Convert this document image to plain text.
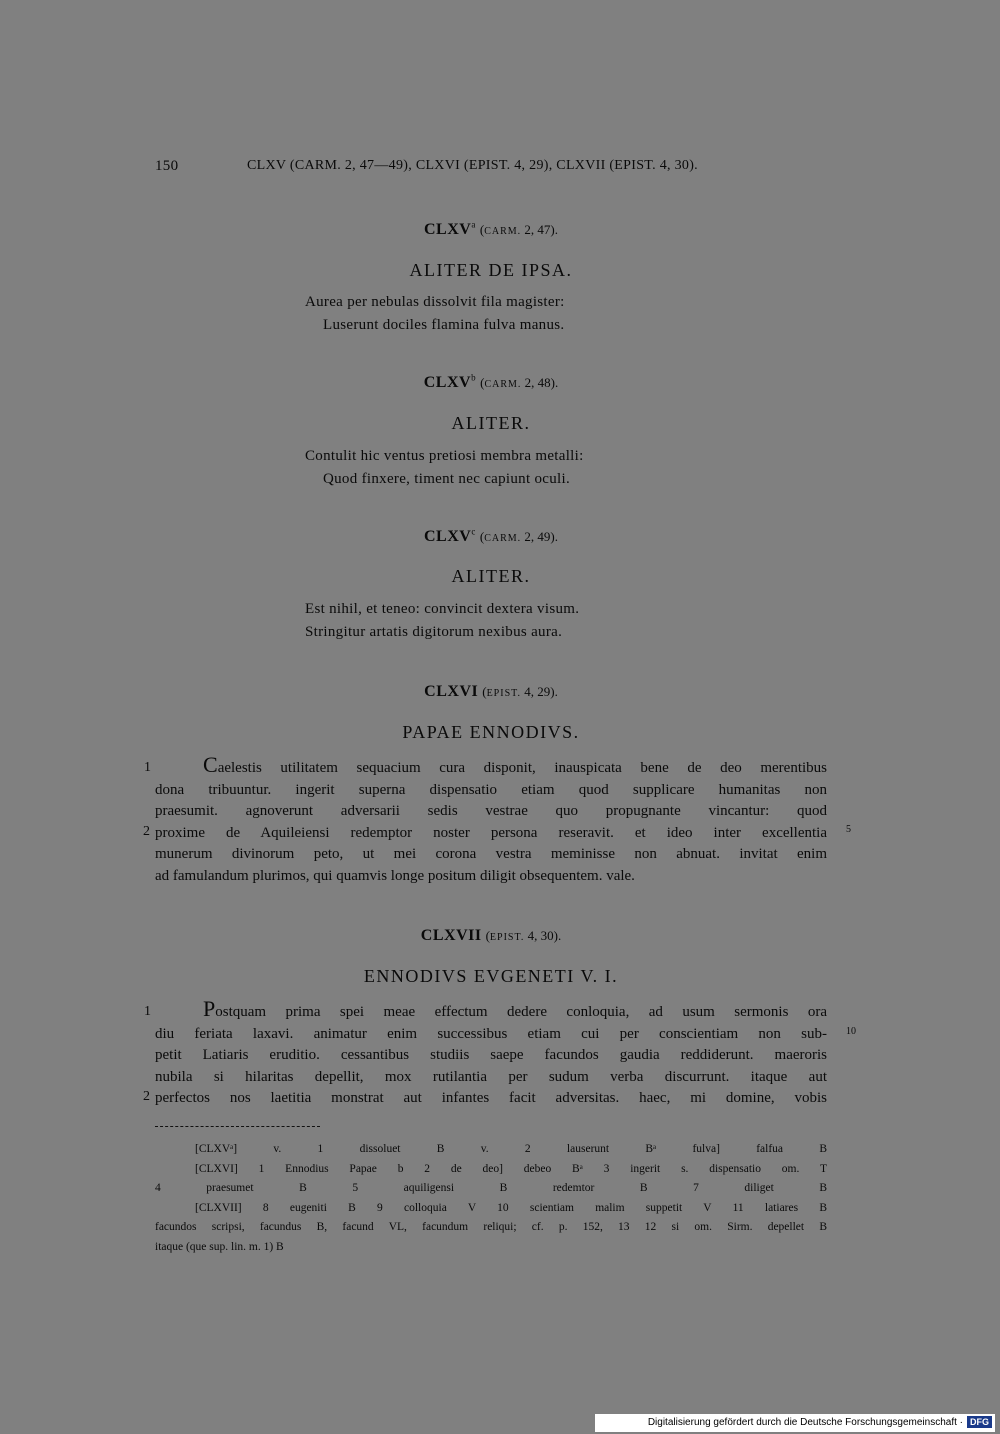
150	CLXV (CARM. 2, 47—49), CLXVI (EPIST. 4, 29), CLXVII (EPIST. 4, 30).
CLXV$^a$ (CARM. 2, 47).
ALITER DE IPSA.
Aurea per nebulas dissolvit fila magister:
Luserunt dociles flamina fulva manus.
CLXV$^b$ (CARM. 2, 48).
ALITER.
Contulit hic ventus pretiosi membra metalli:
Quod finxere, timent nec capiunt oculi.
CLXV$^c$ (CARM. 2, 49).
ALITER.
Est nihil, et teneo: convincit dextera visum.
Stringitur artatis digitorum nexibus aura.
CLXVI (EPIST. 4, 29).
PAPAE ENNODIVS.
Caelestis utilitatem sequacium cura disponit, inauspicata bene de deo merentibus
dona tribuuntur. ingerit superna dispensatio etiam quod supplicare humanitas non
praesumit. agnoverunt adversarii sedis vestrae quo propugnante vincantur: quod
proxime de Aquileiensi redemptor noster persona reseravit. et ideo inter excellentia
munerum divinorum peto, ut mei corona vestra meminisse non abnuat. invitat enim
ad famulandum plurimos, qui quamvis longe positum diligit obsequentem. vale.
1
2	5
CLXVII (EPIST. 4, 30).
ENNODIVS EVGENETI V. I.
Postquam prima spei meae effectum dedere conloquia, ad usum sermonis ora
diu feriata laxavi. animatur enim successibus etiam cui per conscientiam non sub-
petit Latiaris eruditio. cessantibus studiis saepe facundos gaudia reddiderunt. maeroris
nubila si hilaritas depellit, mox rutilantia per sudum verba discurrunt. itaque aut
perfectos nos laetitia monstrat aut infantes facit adversitas. haec, mi domine, vobis
1
2
10
[CLXVᵃ] v. 1 dissoluet B v. 2 lauserunt Bᵃ fulva] falfua B
[CLXVI] 1 Ennodius Papae b 2 de deo] debeo Bᵃ 3 ingerit s. dispensatio om. T
4 praesumet B 5 aquiligensi B redemtor B 7 diliget B
[CLXVII] 8 eugeniti B 9 colloquia V 10 scientiam malim suppetit V 11 latiares B
facundos scripsi, facundus B, facund VL, facundum reliqui; cf. p. 152, 13 12 si om. Sirm. depellet B
itaque (que sup. lin. m. 1) B
Digitalisierung gefördert durch die Deutsche Forschungsgemeinschaft · DFG
